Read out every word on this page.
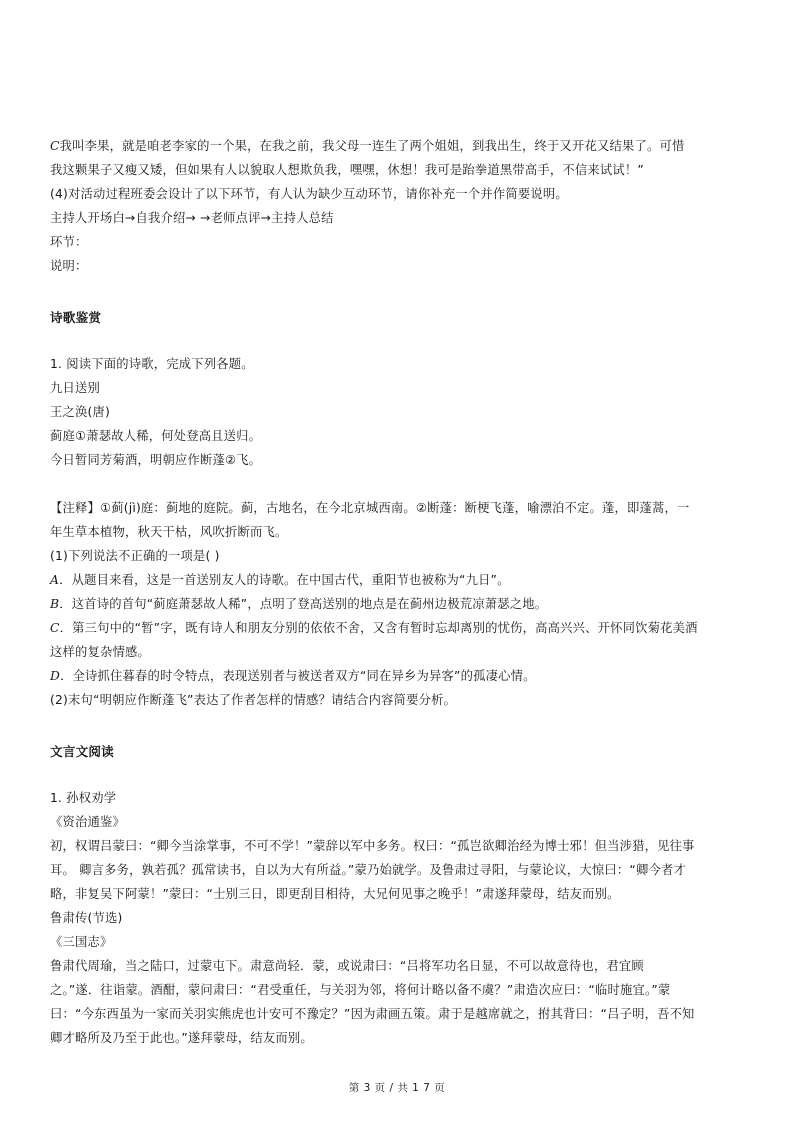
C我叫李果，就是咱老李家的一个果，在我之前，我父母一连生了两个姐姐，到我出生，终于又开花又结果了。可惜
我这颗果子又瘦又矮，但如果有人以貌取人想欺负我，嘿嘿，休想！我可是跆拳道黑带高手，不信来试试！”
(4)对活动过程班委会设计了以下环节，有人认为缺少互动环节，请你补充一个并作简要说明。
主持人开场白→自我介绍→ →老师点评→主持人总结
环节：
说明：
诗歌鉴赏
1. 阅读下面的诗歌，完成下列各题。
九日送别
王之涣(唐)
蓟庭①萧瑟故人稀，何处登高且送归。
今日暂同芳菊酒，明朝应作断蓬②飞。
【注释】①蓟(jì)庭：蓟地的庭院。蓟，古地名，在今北京城西南。②断蓬：断梗飞蓬，喻漂泊不定。蓬，即蓬蒿，一
年生草本植物，秋天干枯，风吹折断而飞。
(1)下列说法不正确的一项是( )
A．从题目来看，这是一首送别友人的诗歌。在中国古代，重阳节也被称为“九日”。
B．这首诗的首句“蓟庭萧瑟故人稀”，点明了登高送别的地点是在蓟州边极荒凉萧瑟之地。
C．第三句中的“暂”字，既有诗人和朋友分别的依依不舍，又含有暂时忘却离别的忧伤，高高兴兴、开怀同饮菊花美酒
这样的复杂情感。
D．全诗抓住暮春的时令特点，表现送别者与被送者双方“同在异乡为异客”的孤凄心情。
(2)末句“明朝应作断蓬飞”表达了作者怎样的情感？请结合内容简要分析。
文言文阅读
1. 孙权劝学
《资治通鉴》
初，权谓吕蒙曰：“卿今当涂掌事，不可不学！”蒙辞以军中多务。权曰：“孤岂欲卿治经为博士邪！但当涉猎，见往事
耳。 卿言多务，孰若孤？孤常读书，自以为大有所益。”蒙乃始就学。及鲁肃过寻阳，与蒙论议，大惊曰：“卿今者才
略，非复吴下阿蒙！”蒙曰：“士别三日，即更刮目相待，大兄何见事之晚乎！”肃遂拜蒙母，结友而别。
鲁肃传(节选)
《三国志》
鲁肃代周瑜，当之陆口，过蒙屯下。肃意尚轻．蒙，或说肃曰：“吕将军功名日显，不可以故意待也，君宜顾
之。”遂．往诣蒙。酒酣，蒙问肃曰：“君受重任，与关羽为邻，将何计略以备不虞？”肃造次应曰：“临时施宜。”蒙
曰：“今东西虽为一家而关羽实熊虎也计安可不豫定？”因为肃画五策。肃于是越席就之，拊其背曰：“吕子明，吾不知
卿才略所及乃至于此也。”遂拜蒙母，结友而别。
第 3 页 / 共 1 7 页
